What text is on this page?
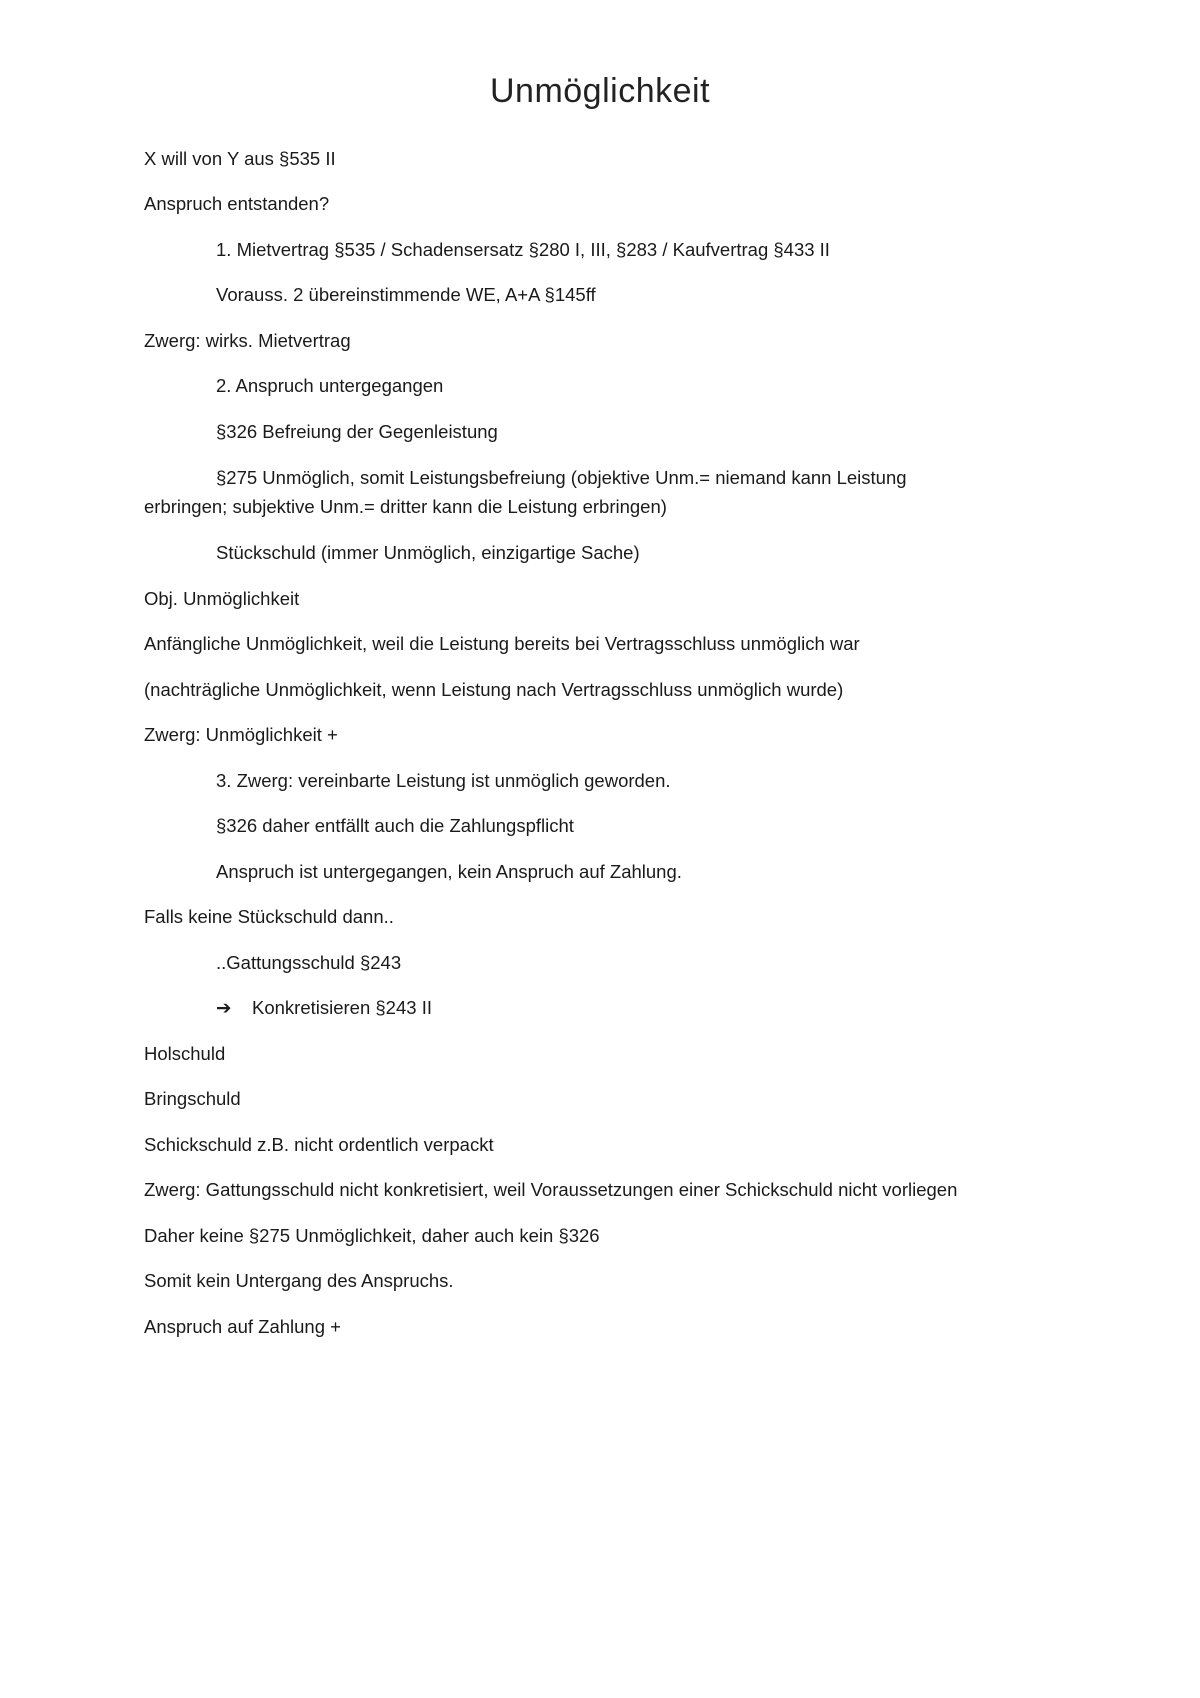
Unmöglichkeit
X will von Y aus §535 II
Anspruch entstanden?
1. Mietvertrag §535 / Schadensersatz §280 I, III, §283 / Kaufvertrag §433 II
Vorauss. 2 übereinstimmende WE, A+A §145ff
Zwerg: wirks. Mietvertrag
2. Anspruch untergegangen
§326 Befreiung der Gegenleistung
§275 Unmöglich, somit Leistungsbefreiung (objektive Unm.= niemand kann Leistung
erbringen; subjektive Unm.= dritter kann die Leistung erbringen)
Stückschuld (immer Unmöglich, einzigartige Sache)
Obj. Unmöglichkeit
Anfängliche Unmöglichkeit, weil die Leistung bereits bei Vertragsschluss unmöglich war
(nachträgliche Unmöglichkeit, wenn Leistung nach Vertragsschluss unmöglich wurde)
Zwerg: Unmöglichkeit +
3. Zwerg: vereinbarte Leistung ist unmöglich geworden.
§326 daher entfällt auch die Zahlungspflicht
Anspruch ist untergegangen, kein Anspruch auf Zahlung.
Falls keine Stückschuld dann..
..Gattungsschuld §243
➔ Konkretisieren §243 II
Holschuld
Bringschuld
Schickschuld z.B. nicht ordentlich verpackt
Zwerg: Gattungsschuld nicht konkretisiert, weil Voraussetzungen einer Schickschuld nicht vorliegen
Daher keine §275 Unmöglichkeit, daher auch kein §326
Somit kein Untergang des Anspruchs.
Anspruch auf Zahlung +
